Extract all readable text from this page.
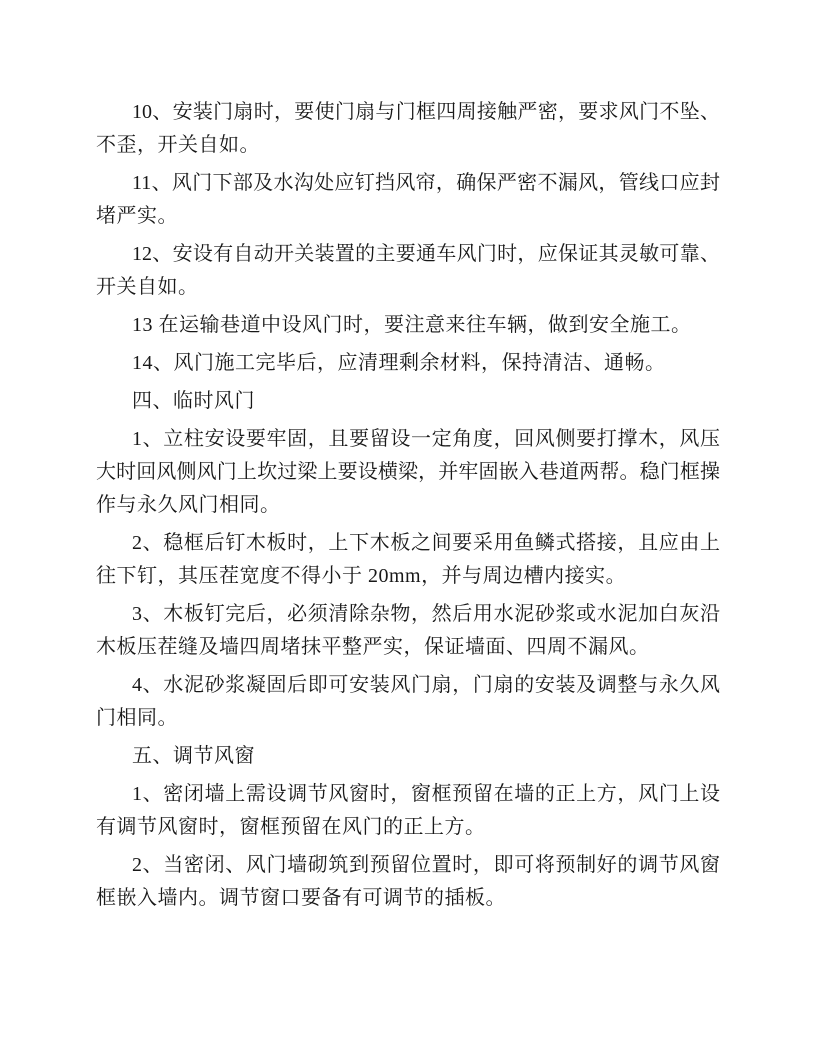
10、安装门扇时，要使门扇与门框四周接触严密，要求风门不坠、
不歪，开关自如。
11、风门下部及水沟处应钉挡风帘，确保严密不漏风，管线口应封
堵严实。
12、安设有自动开关装置的主要通车风门时，应保证其灵敏可靠、
开关自如。
13 在运输巷道中设风门时，要注意来往车辆，做到安全施工。
14、风门施工完毕后，应清理剩余材料，保持清洁、通畅。
四、临时风门
1、立柱安设要牢固，且要留设一定角度，回风侧要打撑木，风压
大时回风侧风门上坎过梁上要设横梁，并牢固嵌入巷道两帮。稳门框操
作与永久风门相同。
2、稳框后钉木板时，上下木板之间要采用鱼鳞式搭接，且应由上
往下钉，其压茬宽度不得小于 20mm，并与周边槽内接实。
3、木板钉完后，必须清除杂物，然后用水泥砂浆或水泥加白灰沿
木板压茬缝及墙四周堵抹平整严实，保证墙面、四周不漏风。
4、水泥砂浆凝固后即可安装风门扇，门扇的安装及调整与永久风
门相同。
五、调节风窗
1、密闭墙上需设调节风窗时，窗框预留在墙的正上方，风门上设
有调节风窗时，窗框预留在风门的正上方。
2、当密闭、风门墙砌筑到预留位置时，即可将预制好的调节风窗
框嵌入墙内。调节窗口要备有可调节的插板。
